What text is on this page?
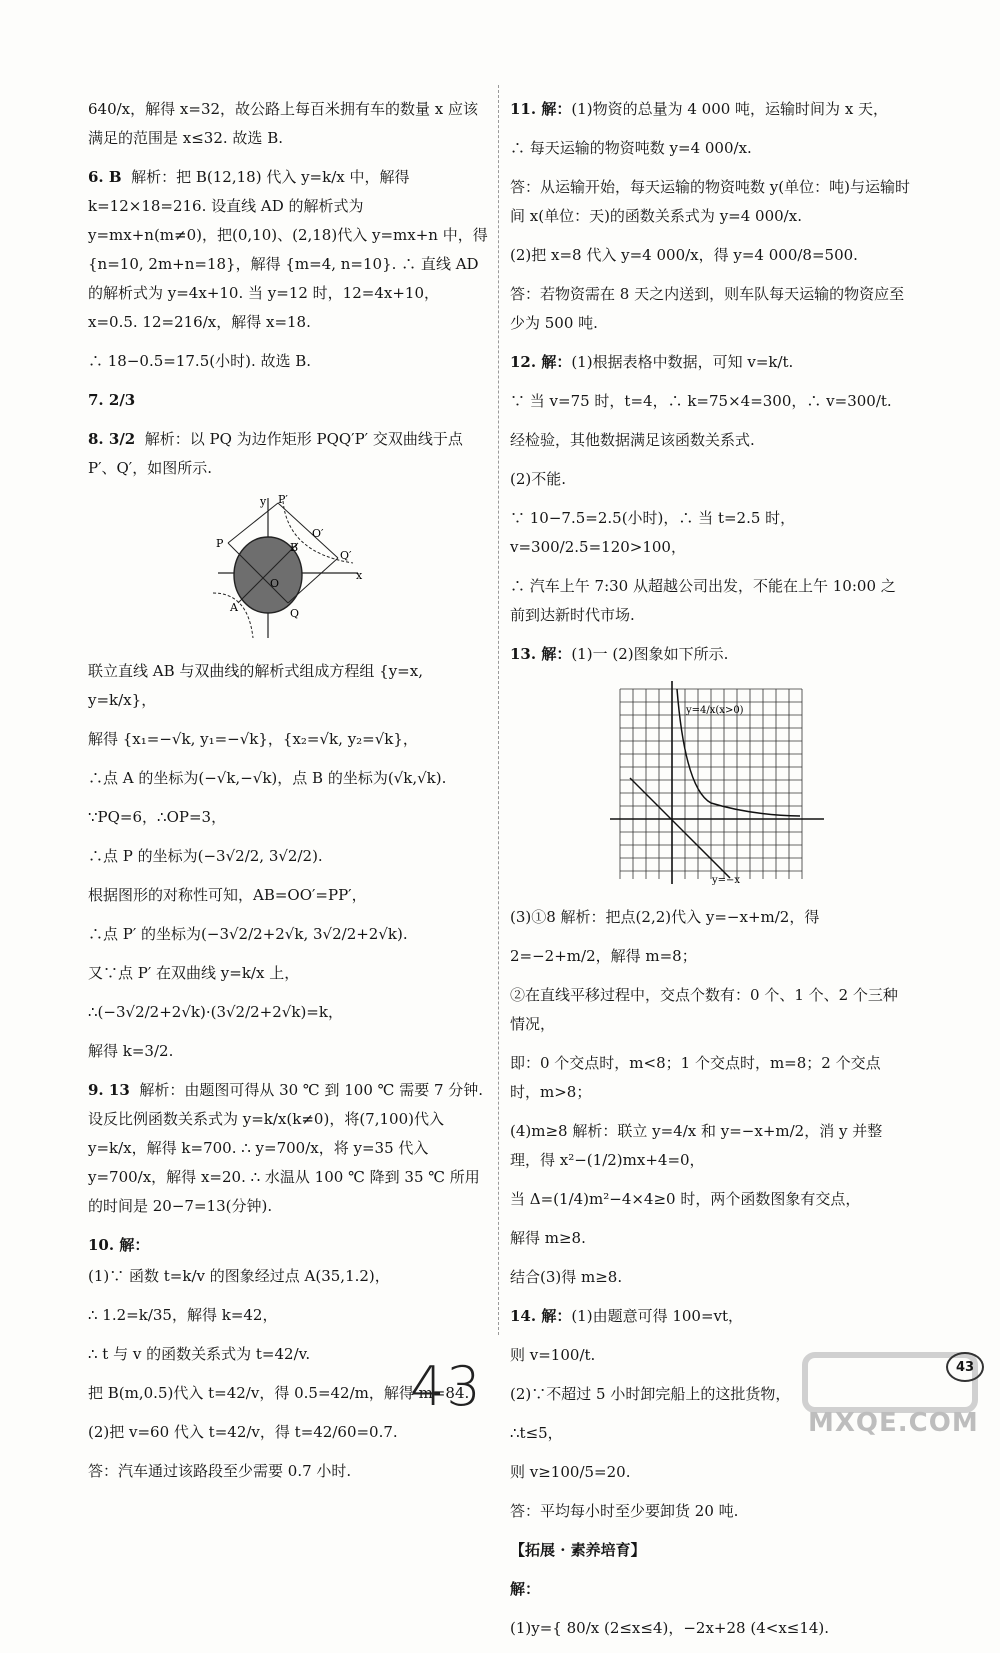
640/x，解得 x=32，故公路上每百米拥有车的数量 x 应该满足的范围是 x≤32. 故选 B.

6. B 解析：把 B(12,18) 代入 y=k/x 中，解得 k=12×18=216. 设直线 AD 的解析式为 y=mx+n(m≠0)，把(0,10)、(2,18)代入 y=mx+n 中，得 {n=10, 2m+n=18}，解得 {m=4, n=10}. ∴ 直线 AD 的解析式为 y=4x+10. 当 y=12 时，12=4x+10，x=0.5. 12=216/x，解得 x=18.

∴ 18−0.5=17.5(小时). 故选 B.

7. 2/3

8. 3/2 解析：以 PQ 为边作矩形 PQQ′P′ 交双曲线于点 P′、Q′，如图所示.

y P′
B
O′
Q′
P
O
A	Q
x

联立直线 AB 与双曲线的解析式组成方程组 {y=x, y=k/x}，

解得 {x₁=−√k, y₁=−√k}，{x₂=√k, y₂=√k}，

∴点 A 的坐标为(−√k,−√k)，点 B 的坐标为(√k,√k).

∵PQ=6，∴OP=3，

∴点 P 的坐标为(−3√2/2, 3√2/2).

根据图形的对称性可知，AB=OO′=PP′，

∴点 P′ 的坐标为(−3√2/2+2√k, 3√2/2+2√k).

又∵点 P′ 在双曲线 y=k/x 上，

∴(−3√2/2+2√k)·(3√2/2+2√k)=k，

解得 k=3/2.

9. 13 解析：由题图可得从 30 ℃ 到 100 ℃ 需要 7 分钟. 设反比例函数关系式为 y=k/x(k≠0)，将(7,100)代入 y=k/x，解得 k=700. ∴ y=700/x，将 y=35 代入 y=700/x，解得 x=20. ∴ 水温从 100 ℃ 降到 35 ℃ 所用的时间是 20−7=13(分钟).

10. 解：

(1)∵ 函数 t=k/v 的图象经过点 A(35,1.2)，

∴ 1.2=k/35，解得 k=42，

∴ t 与 v 的函数关系式为 t=42/v.

把 B(m,0.5)代入 t=42/v，得 0.5=42/m，解得 m=84.

(2)把 v=60 代入 t=42/v，得 t=42/60=0.7.

答：汽车通过该路段至少需要 0.7 小时.

11. 解：(1)物资的总量为 4 000 吨，运输时间为 x 天，

∴ 每天运输的物资吨数 y=4 000/x.

答：从运输开始，每天运输的物资吨数 y(单位：吨)与运输时间 x(单位：天)的函数关系式为 y=4 000/x.

(2)把 x=8 代入 y=4 000/x，得 y=4 000/8=500.

答：若物资需在 8 天之内送到，则车队每天运输的物资应至少为 500 吨.

12. 解：(1)根据表格中数据，可知 v=k/t.

∵ 当 v=75 时，t=4，∴ k=75×4=300，∴ v=300/t.

经检验，其他数据满足该函数关系式.

(2)不能.

∵ 10−7.5=2.5(小时)，∴ 当 t=2.5 时，v=300/2.5=120>100，

∴ 汽车上午 7:30 从超越公司出发，不能在上午 10:00 之前到达新时代市场.

13. 解：(1)一 (2)图象如下所示.

y=4/x(x>0)
y=−x

(3)①8 解析：把点(2,2)代入 y=−x+m/2，得

2=−2+m/2，解得 m=8；

②在直线平移过程中，交点个数有：0 个、1 个、2 个三种情况，

即：0 个交点时，m<8；1 个交点时，m=8；2 个交点时，m>8；

(4)m≥8 解析：联立 y=4/x 和 y=−x+m/2，消 y 并整理，得 x²−(1/2)mx+4=0，

当 Δ=(1/4)m²−4×4≥0 时，两个函数图象有交点，

解得 m≥8.

结合(3)得 m≥8.

14. 解：(1)由题意可得 100=vt，

则 v=100/t.

(2)∵不超过 5 小时卸完船上的这批货物，

∴t≤5，

则 v≥100/5=20.

答：平均每小时至少要卸货 20 吨.

【拓展 · 素养培育】

解：

(1)y={ 80/x (2≤x≤4)，−2x+28 (4<x≤14).

43
MXQE.COM
43
